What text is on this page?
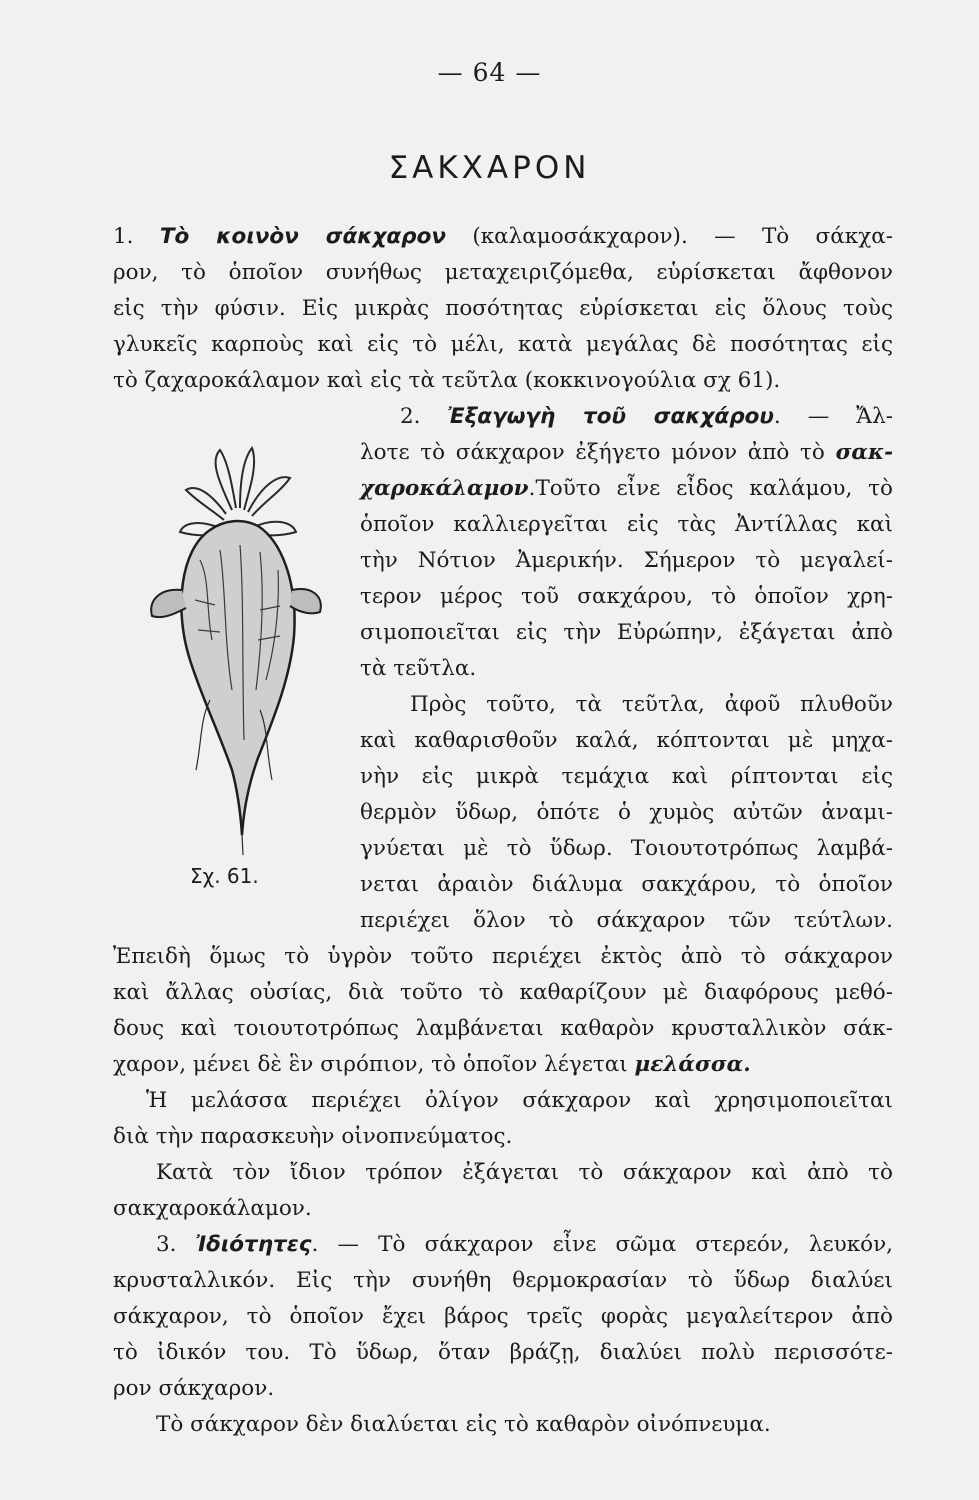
— 64 —
ΣΑΚΧΑΡΟΝ
1. Τὸ κοινὸν σάκχαρον (καλαμοσάκχαρον). — Τὸ σάκχα-
ρον, τὸ ὁποῖον συνήθως μεταχειριζόμεθα, εὑρίσκεται ἄφθονον
εἰς τὴν φύσιν. Εἰς μικρὰς ποσότητας εὑρίσκεται εἰς ὅλους τοὺς
γλυκεῖς καρποὺς καὶ εἰς τὸ μέλι, κατὰ μεγάλας δὲ ποσότητας εἰς
τὸ ζαχαροκάλαμον καὶ εἰς τὰ τεῦτλα (κοκκινογούλια σχ 61).
2. Ἐξαγωγὴ τοῦ σακχάρου. — Ἄλ-
λοτε τὸ σάκχαρον ἐξήγετο μόνον ἀπὸ τὸ σακ-
χαροκάλαμον.Τοῦτο εἶνε εἶδος καλάμου, τὸ
ὁποῖον καλλιεργεῖται εἰς τὰς Ἀντίλλας καὶ
τὴν Νότιον Ἀμερικήν. Σήμερον τὸ μεγαλεί-
τερον μέρος τοῦ σακχάρου, τὸ ὁποῖον χρη-
σιμοποιεῖται εἰς τὴν Εὐρώπην, ἐξάγεται ἀπὸ
τὰ τεῦτλα.
Πρὸς τοῦτο, τὰ τεῦτλα, ἀφοῦ πλυθοῦν
καὶ καθαρισθοῦν καλά, κόπτονται μὲ μηχα-
νὴν εἰς μικρὰ τεμάχια καὶ ρίπτονται εἰς
θερμὸν ὕδωρ, ὁπότε ὁ χυμὸς αὐτῶν ἀναμι-
γνύεται μὲ τὸ ὕδωρ. Τοιουτοτρόπως λαμβά-
νεται ἀραιὸν διάλυμα σακχάρου, τὸ ὁποῖον
περιέχει ὅλον τὸ σάκχαρον τῶν τεύτλων.
Σχ. 61.
Ἐπειδὴ ὅμως τὸ ὑγρὸν τοῦτο περιέχει ἐκτὸς ἀπὸ τὸ σάκχαρον
καὶ ἄλλας οὐσίας, διὰ τοῦτο τὸ καθαρίζουν μὲ διαφόρους μεθό-
δους καὶ τοιουτοτρόπως λαμβάνεται καθαρὸν κρυσταλλικὸν σάκ-
χαρον, μένει δὲ ἓν σιρόπιον, τὸ ὁποῖον λέγεται μελάσσα.
Ἡ μελάσσα περιέχει ὀλίγον σάκχαρον καὶ χρησιμοποιεῖται
διὰ τὴν παρασκευὴν οἰνοπνεύματος.
Κατὰ τὸν ἴδιον τρόπον ἐξάγεται τὸ σάκχαρον καὶ ἀπὸ τὸ
σακχαροκάλαμον.
3. Ἰδιότητες. — Τὸ σάκχαρον εἶνε σῶμα στερεόν, λευκόν,
κρυσταλλικόν. Εἰς τὴν συνήθη θερμοκρασίαν τὸ ὕδωρ διαλύει
σάκχαρον, τὸ ὁποῖον ἔχει βάρος τρεῖς φορὰς μεγαλείτερον ἀπὸ
τὸ ἰδικόν του. Τὸ ὕδωρ, ὅταν βράζῃ, διαλύει πολὺ περισσότε-
ρον σάκχαρον.
Τὸ σάκχαρον δὲν διαλύεται εἰς τὸ καθαρὸν οἰνόπνευμα.
